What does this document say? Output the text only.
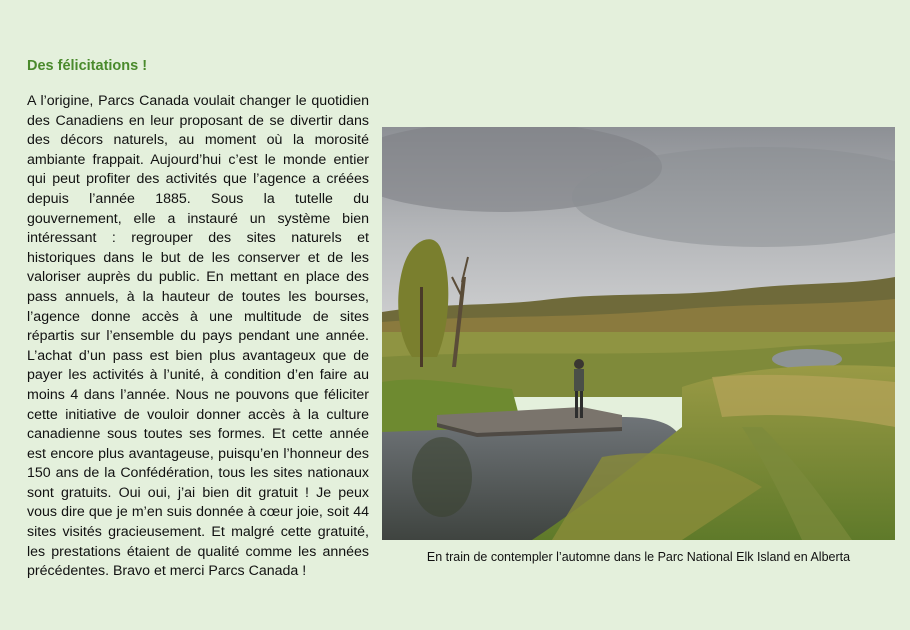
Des félicitations !

A l’origine, Parcs Canada voulait changer le quotidien des Canadiens en leur proposant de se divertir dans des décors naturels, au moment où la morosité ambiante frappait. Aujourd’hui c’est le monde entier qui peut profiter des activités que l’agence a créées depuis l’année 1885. Sous la tutelle du gouvernement, elle a instauré un système bien intéressant : regrouper des sites naturels et historiques dans le but de les conserver et de les valoriser auprès du public. En mettant en place des pass annuels, à la hauteur de toutes les bourses, l’agence donne accès à une multitude de sites répartis sur l’ensemble du pays pendant une année. L’achat d’un pass est bien plus avantageux que de payer les activités à l’unité, à condition d’en faire au moins 4 dans l’année. Nous ne pouvons que féliciter cette initiative de vouloir donner accès à la culture canadienne sous toutes ses formes. Et cette année est encore plus avantageuse, puisqu’en l’honneur des 150 ans de la Confédération, tous les sites nationaux sont gratuits. Oui oui, j’ai bien dit gratuit ! Je peux vous dire que je m’en suis donnée à cœur joie, soit 44 sites visités gracieusement. Et malgré cette gratuité, les prestations étaient de qualité comme les années précédentes. Bravo et merci Parcs Canada !

En train de contempler l’automne dans le Parc National Elk Island en Alberta
